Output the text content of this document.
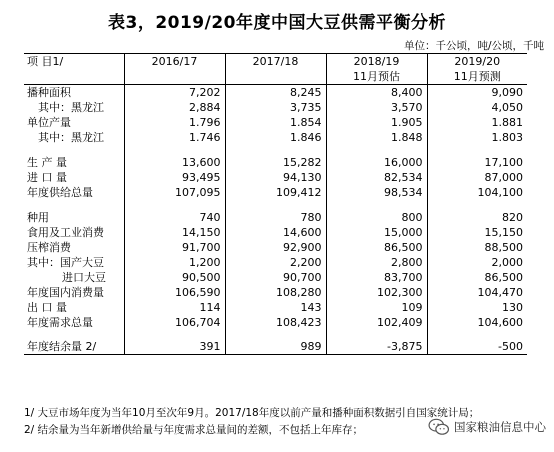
表3，2019/20年度中国大豆供需平衡分析
单位：千公顷，吨/公顷，千吨
项 目1/	2016/17	2017/18	2018/19	2019/20
			11月预估	11月预测
播种面积	7,202	8,245	8,400	9,090
其中：黑龙江	2,884	3,735	3,570	4,050
单位产量	1.796	1.854	1.905	1.881
其中：黑龙江	1.746	1.846	1.848	1.803

生 产 量	13,600	15,282	16,000	17,100
进 口 量	93,495	94,130	82,534	87,000
年度供给总量	107,095	109,412	98,534	104,100

种用	740	780	800	820
食用及工业消费	14,150	14,600	15,000	15,150
压榨消费	91,700	92,900	86,500	88,500
其中：国产大豆	1,200	2,200	2,800	2,000
进口大豆	90,500	90,700	83,700	86,500
年度国内消费量	106,590	108,280	102,300	104,470
出 口 量	114	143	109	130
年度需求总量	106,704	108,423	102,409	104,600

年度结余量 2/	391	989	-3,875	-500
1/ 大豆市场年度为当年10月至次年9月。2017/18年度以前产量和播种面积数据引自国家统计局；
2/ 结余量为当年新增供给量与年度需求总量间的差额，不包括上年库存；	国家粮油信息中心
